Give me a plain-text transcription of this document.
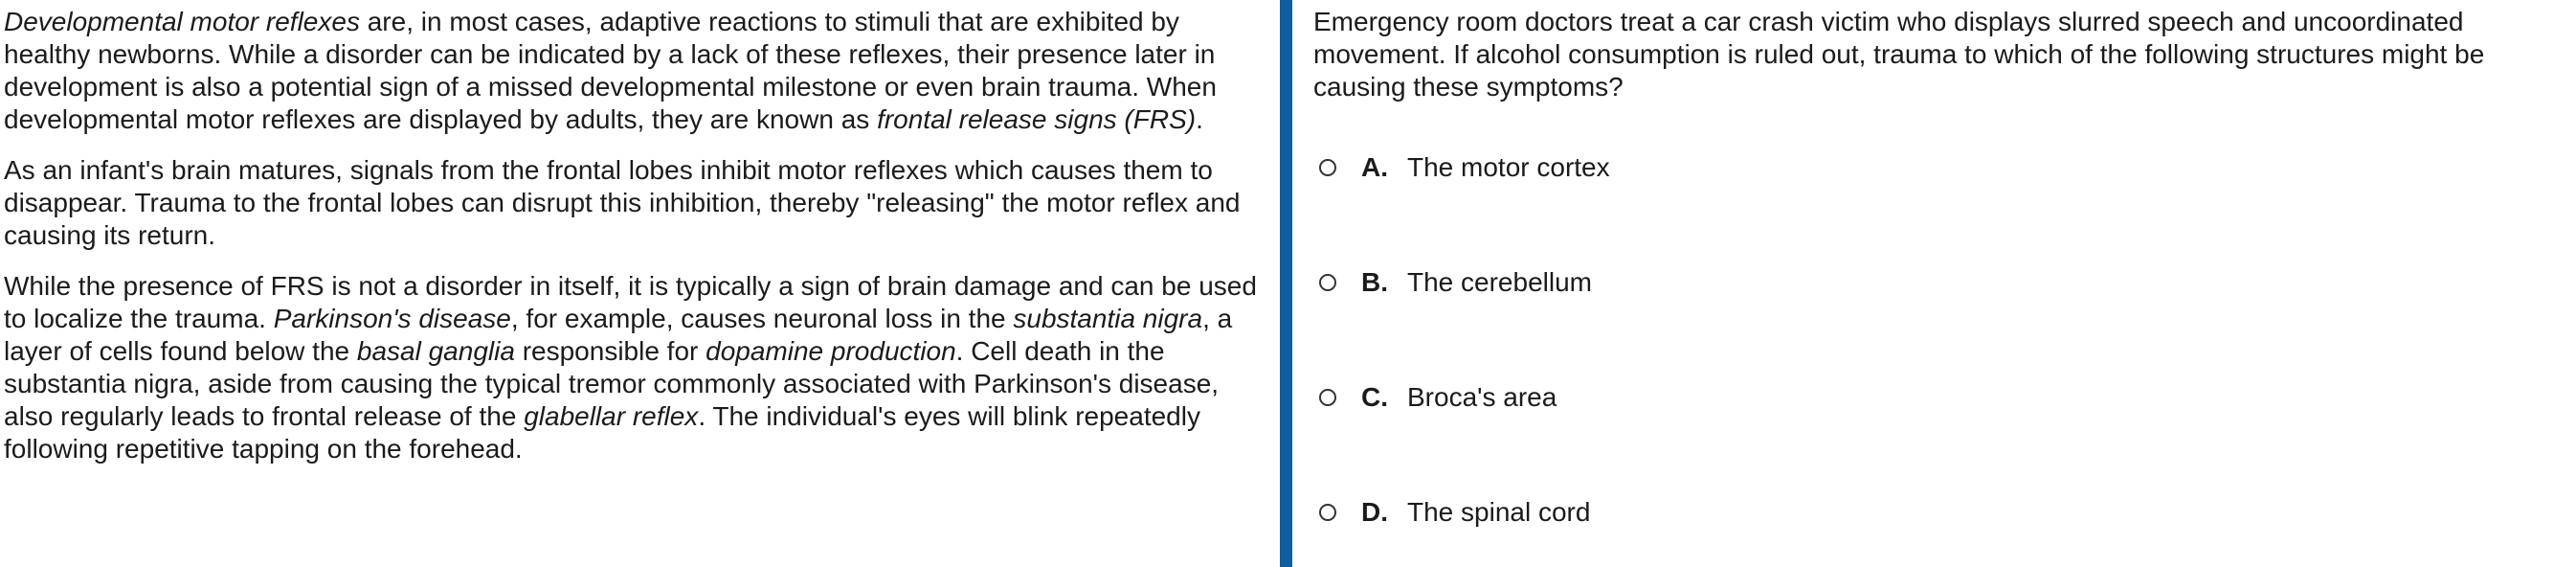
Developmental motor reflexes are, in most cases, adaptive reactions to stimuli that are exhibited by healthy newborns. While a disorder can be indicated by a lack of these reflexes, their presence later in development is also a potential sign of a missed developmental milestone or even brain trauma. When developmental motor reflexes are displayed by adults, they are known as frontal release signs (FRS).

As an infant's brain matures, signals from the frontal lobes inhibit motor reflexes which causes them to disappear. Trauma to the frontal lobes can disrupt this inhibition, thereby "releasing" the motor reflex and causing its return.

While the presence of FRS is not a disorder in itself, it is typically a sign of brain damage and can be used to localize the trauma. Parkinson's disease, for example, causes neuronal loss in the substantia nigra, a layer of cells found below the basal ganglia responsible for dopamine production. Cell death in the substantia nigra, aside from causing the typical tremor commonly associated with Parkinson's disease, also regularly leads to frontal release of the glabellar reflex. The individual's eyes will blink repeatedly following repetitive tapping on the forehead.

Emergency room doctors treat a car crash victim who displays slurred speech and uncoordinated movement. If alcohol consumption is ruled out, trauma to which of the following structures might be causing these symptoms?

A. The motor cortex
B. The cerebellum
C. Broca's area
D. The spinal cord
